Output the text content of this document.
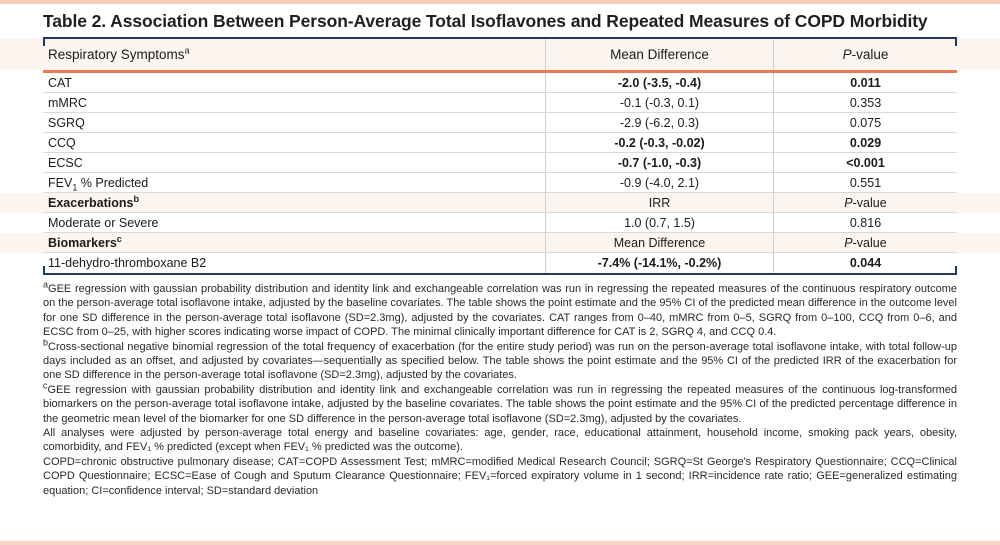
Table 2. Association Between Person-Average Total Isoflavones and Repeated Measures of COPD Morbidity
Respiratory Symptoms$^a$	Mean Difference	P-value
CAT	-2.0 (-3.5, -0.4)	0.011
mMRC	-0.1 (-0.3, 0.1)	0.353
SGRQ	-2.9 (-6.2, 0.3)	0.075
CCQ	-0.2 (-0.3, -0.02)	0.029
ECSC	-0.7 (-1.0, -0.3)	<0.001
$FEV_1$ % Predicted	-0.9 (-4.0, 2.1)	0.551
Exacerbations$^b$	IRR	P-value
Moderate or Severe	1.0 (0.7, 1.5)	0.816
Biomarkers$^c$	Mean Difference	P-value
11-dehydro-thromboxane B2	-7.4% (-14.1%, -0.2%)	0.044

$^a$GEE regression with gaussian probability distribution and identity link and exchangeable correlation was run in regressing the repeated measures of the continuous respiratory outcome on the person-average total isoflavone intake, adjusted by the baseline covariates. The table shows the point estimate and the 95% CI of the predicted mean difference in the outcome level for one SD difference in the person-average total isoflavone (SD=2.3mg), adjusted by the covariates. CAT ranges from 0–40, mMRC from 0–5, SGRQ from 0–100, CCQ from 0–6, and ECSC from 0–25, with higher scores indicating worse impact of COPD. The minimal clinically important difference for CAT is 2, SGRQ 4, and CCQ 0.4.

$^b$Cross-sectional negative binomial regression of the total frequency of exacerbation (for the entire study period) was run on the person-average total isoflavone intake, with total follow-up days included as an offset, and adjusted by covariates—sequentially as specified below. The table shows the point estimate and the 95% CI of the predicted IRR of the exacerbation for one SD difference in the person-average total isoflavone (SD=2.3mg), adjusted by the covariates.

$^c$GEE regression with gaussian probability distribution and identity link and exchangeable correlation was run in regressing the repeated measures of the continuous log-transformed biomarkers on the person-average total isoflavone intake, adjusted by the baseline covariates. The table shows the point estimate and the 95% CI of the predicted percentage difference in the geometric mean level of the biomarker for one SD difference in the person-average total isoflavone (SD=2.3mg), adjusted by the covariates.

All analyses were adjusted by person-average total energy and baseline covariates: age, gender, race, educational attainment, household income, smoking pack years, obesity, comorbidity, and FEV₁ % predicted (except when FEV₁ % predicted was the outcome).

COPD=chronic obstructive pulmonary disease; CAT=COPD Assessment Test; mMRC=modified Medical Research Council; SGRQ=St George's Respiratory Questionnaire; CCQ=Clinical COPD Questionnaire; ECSC=Ease of Cough and Sputum Clearance Questionnaire; FEV₁=forced expiratory volume in 1 second; IRR=incidence rate ratio; GEE=generalized estimating equation; CI=confidence interval; SD=standard deviation
